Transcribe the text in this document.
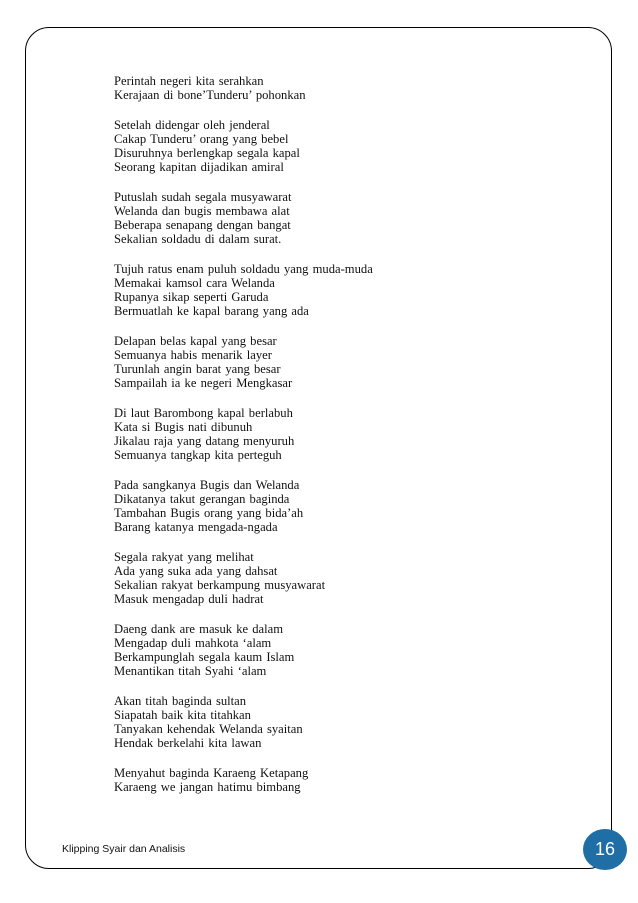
Perintah negeri kita serahkan
Kerajaan di bone’Tunderu’ pohonkan
Setelah didengar oleh jenderal
Cakap Tunderu’ orang yang bebel
Disuruhnya berlengkap segala kapal
Seorang kapitan dijadikan amiral
Putuslah sudah segala musyawarat
Welanda dan bugis membawa alat
Beberapa senapang dengan bangat
Sekalian soldadu di dalam surat.
Tujuh ratus enam puluh soldadu yang muda-muda
Memakai kamsol cara Welanda
Rupanya sikap seperti Garuda
Bermuatlah ke kapal barang yang ada
Delapan belas kapal yang besar
Semuanya habis menarik layer
Turunlah angin barat yang besar
Sampailah ia ke negeri Mengkasar
Di laut Barombong kapal berlabuh
Kata si Bugis nati dibunuh
Jikalau raja yang datang menyuruh
Semuanya tangkap kita perteguh
Pada sangkanya Bugis dan Welanda
Dikatanya takut gerangan baginda
Tambahan Bugis orang yang bida’ah
Barang katanya mengada-ngada
Segala rakyat yang melihat
Ada yang suka ada yang dahsat
Sekalian rakyat berkampung musyawarat
Masuk mengadap duli hadrat
Daeng dank are masuk ke dalam
Mengadap duli mahkota ‘alam
Berkampunglah segala kaum Islam
Menantikan titah Syahi ‘alam
Akan titah baginda sultan
Siapatah baik kita titahkan
Tanyakan kehendak Welanda syaitan
Hendak berkelahi kita lawan
Menyahut baginda Karaeng Ketapang
Karaeng we jangan hatimu bimbang
Klipping Syair dan Analisis	16
